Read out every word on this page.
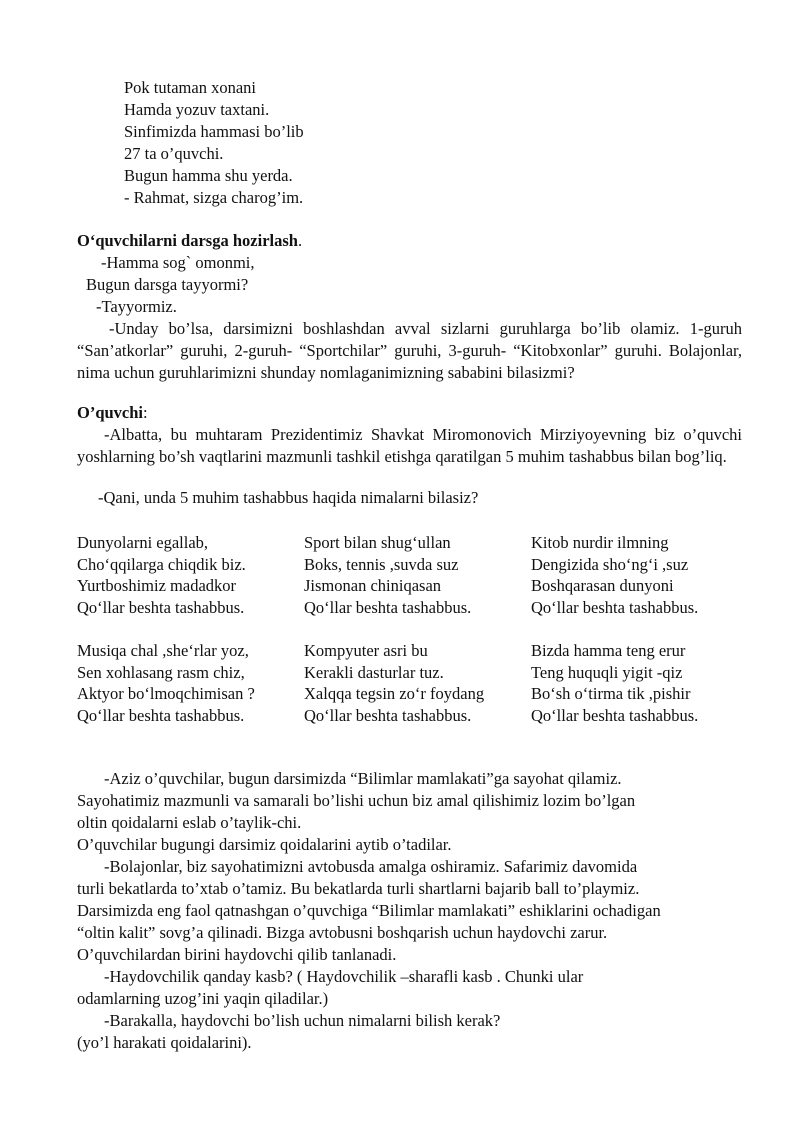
Pok tutaman xonani
Hamda yozuv taxtani.
Sinfimizda hammasi bo’lib
27 ta o’quvchi.
Bugun hamma shu yerda.
- Rahmat, sizga charog’im.
O‘quvchilarni darsga hozirlash.
-Hamma sog` omonmi,
Bugun darsga tayyormi?
-Tayyormiz.
-Unday bo’lsa, darsimizni boshlashdan avval sizlarni guruhlarga bo’lib olamiz. 1-guruh “San’atkorlar” guruhi, 2-guruh- “Sportchilar” guruhi, 3-guruh- “Kitobxonlar” guruhi. Bolajonlar, nima uchun guruhlarimizni shunday nomlaganimizning sababini bilasizmi?
O’quvchi:
-Albatta, bu muhtaram Prezidentimiz Shavkat Miromonovich Mirziyoyevning biz o’quvchi yoshlarning bo’sh vaqtlarini mazmunli tashkil etishga qaratilgan 5 muhim tashabbus bilan bog’liq.
-Qani, unda 5 muhim tashabbus haqida nimalarni bilasiz?
Dunyolarni egallab,
Cho‘qqilarga chiqdik biz.
Yurtboshimiz madadkor
Qo‘llar beshta tashabbus.
Sport bilan shug‘ullan
Boks, tennis ,suvda suz
Jismonan chiniqasan
Qo‘llar beshta tashabbus.
Kitob nurdir ilmning
Dengizida sho‘ng‘i ,suz
Boshqarasan dunyoni
Qo‘llar beshta tashabbus.
Musiqa chal ,she‘rlar yoz,
Sen xohlasang rasm chiz,
Aktyor bo‘lmoqchimisan ?
Qo‘llar beshta tashabbus.
Kompyuter asri bu
Kerakli dasturlar tuz.
Xalqqa tegsin zo‘r foydang
Qo‘llar beshta tashabbus.
Bizda hamma teng erur
Teng huquqli yigit -qiz
Bo‘sh o‘tirma tik ,pishir
Qo‘llar beshta tashabbus.
-Aziz o’quvchilar, bugun darsimizda “Bilimlar mamlakati”ga sayohat qilamiz.
Sayohatimiz mazmunli va samarali bo’lishi uchun biz amal qilishimiz lozim bo’lgan
oltin qoidalarni eslab o’taylik-chi.
O’quvchilar bugungi darsimiz qoidalarini aytib o’tadilar.
-Bolajonlar, biz sayohatimizni avtobusda amalga oshiramiz. Safarimiz davomida
turli bekatlarda to’xtab o’tamiz. Bu bekatlarda turli shartlarni bajarib ball to’playmiz.
Darsimizda eng faol qatnashgan o’quvchiga “Bilimlar mamlakati” eshiklarini ochadigan
“oltin kalit” sovg’a qilinadi. Bizga avtobusni boshqarish uchun haydovchi zarur.
O’quvchilardan birini haydovchi qilib tanlanadi.
-Haydovchilik qanday kasb? ( Haydovchilik –sharafli kasb . Chunki ular
odamlarning uzog’ini yaqin qiladilar.)
-Barakalla, haydovchi bo’lish uchun nimalarni bilish kerak?
(yo’l harakati qoidalarini).
